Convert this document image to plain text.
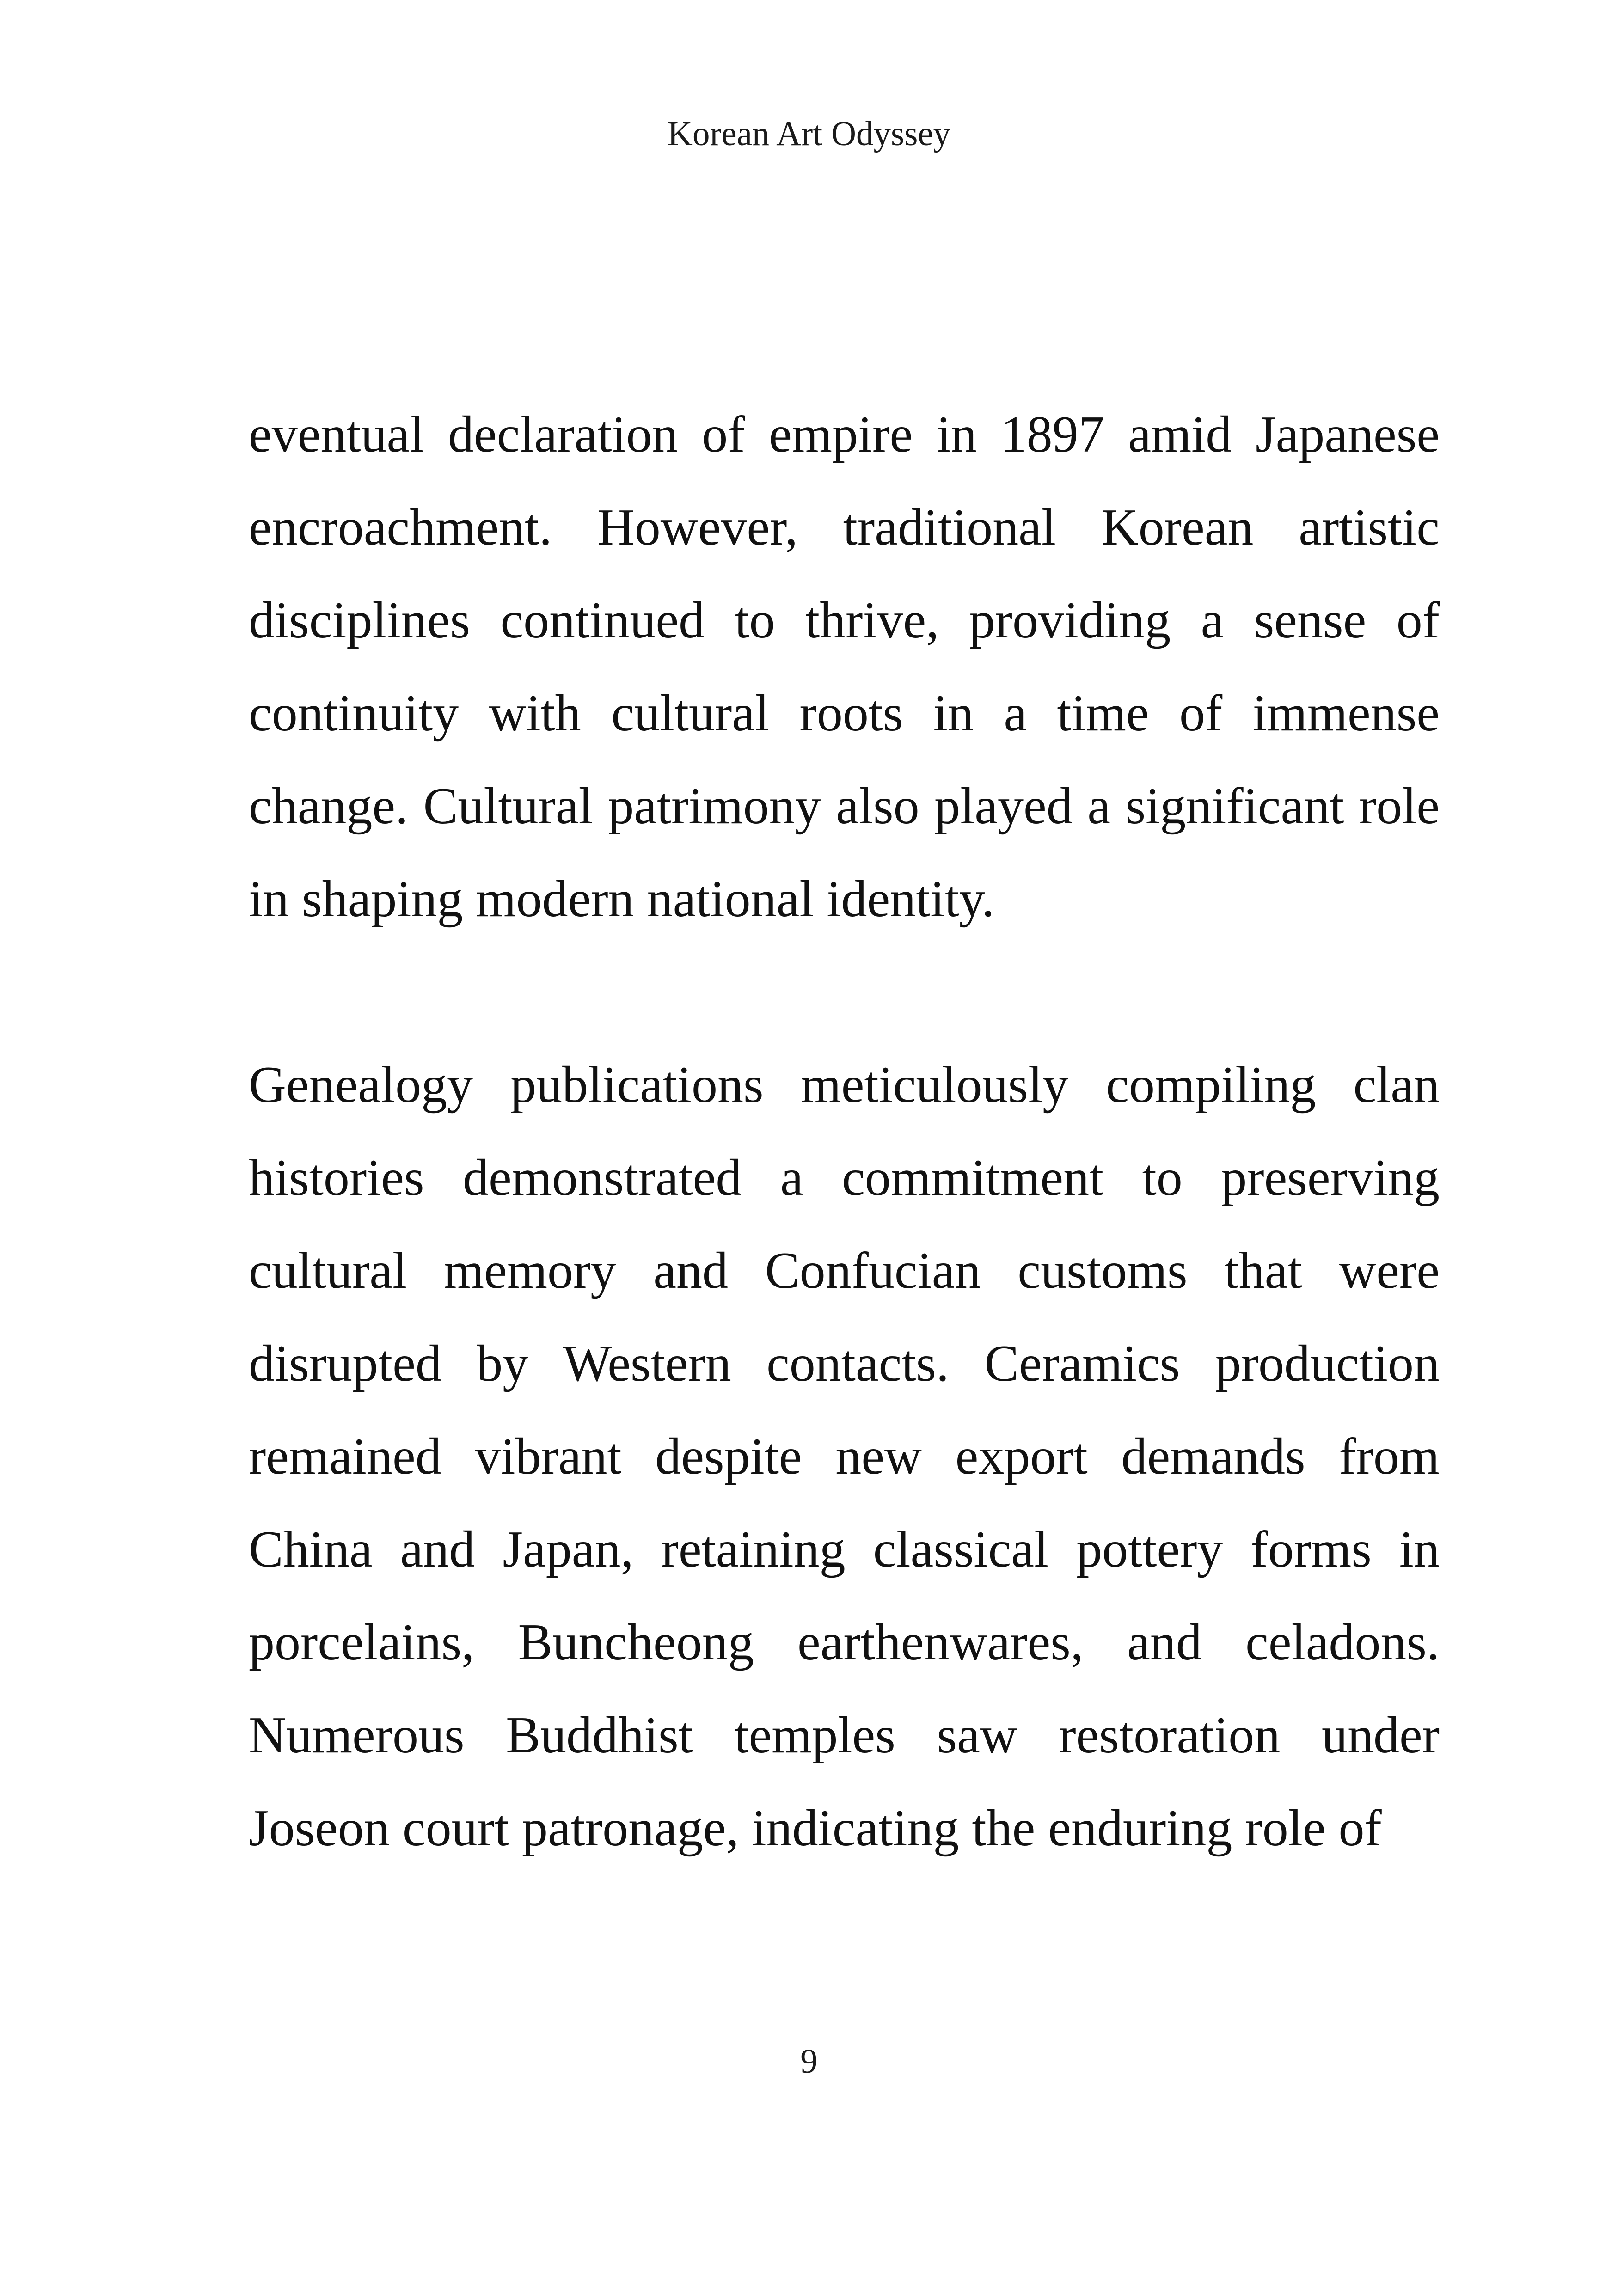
Korean Art Odyssey

eventual declaration of empire in 1897 amid Japanese encroachment. However, traditional Korean artistic disciplines continued to thrive, providing a sense of continuity with cultural roots in a time of immense change. Cultural patrimony also played a significant role in shaping modern national identity.

Genealogy publications meticulously compiling clan histories demonstrated a commitment to preserving cultural memory and Confucian customs that were disrupted by Western contacts. Ceramics production remained vibrant despite new export demands from China and Japan, retaining classical pottery forms in porcelains, Buncheong earthenwares, and celadons. Numerous Buddhist temples saw restoration under Joseon court patronage, indicating the enduring role of

9
